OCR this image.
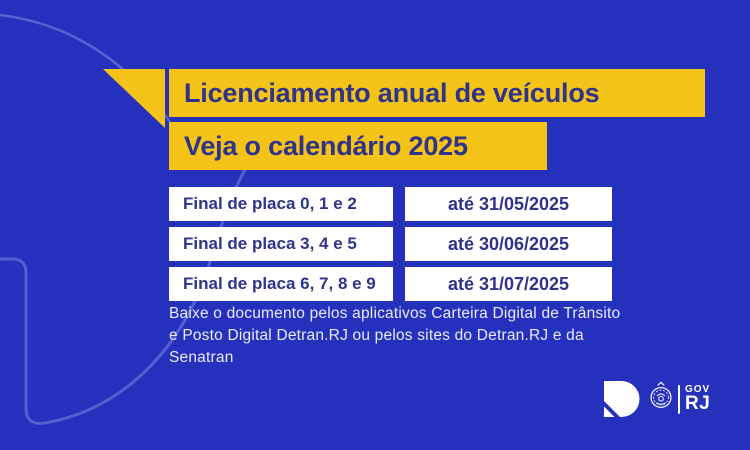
Licenciamento anual de veículos
Veja o calendário 2025
Final de placa 0, 1 e 2	até 31/05/2025
Final de placa 3, 4 e 5	até 30/06/2025
Final de placa 6, 7, 8 e 9	até 31/07/2025
Baixe o documento pelos aplicativos Carteira Digital de Trânsito e Posto Digital Detran.RJ ou pelos sites do Detran.RJ e da Senatran
GOV
RJ
